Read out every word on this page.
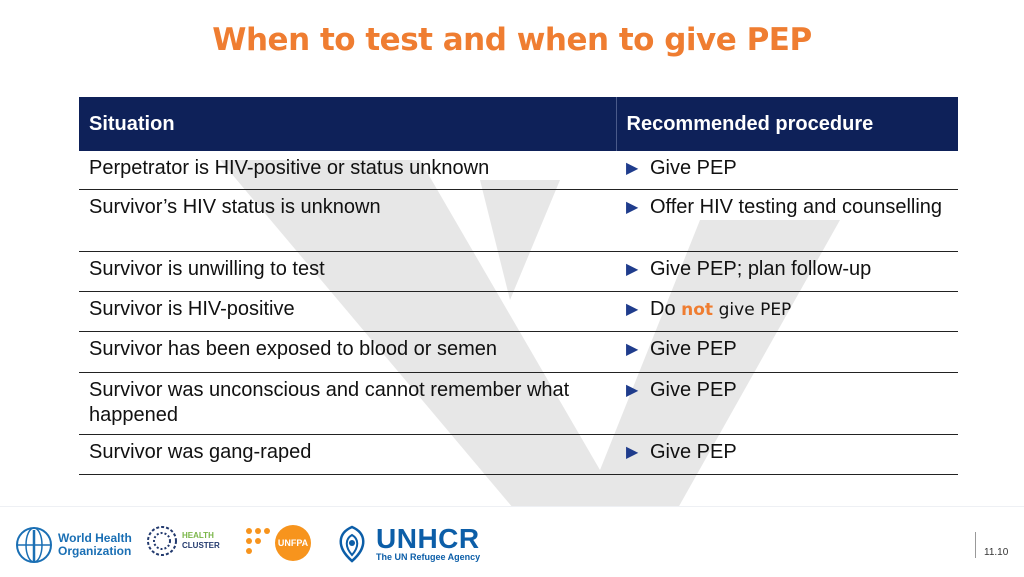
When to test and when to give PEP
Situation	Recommended procedure
Perpetrator is HIV-positive or status unknown	▶ Give PEP
Survivor’s HIV status is unknown	▶ Offer HIV testing and counselling
Survivor is unwilling to test	▶ Give PEP; plan follow-up
Survivor is HIV-positive	▶ Do not give PEP
Survivor has been exposed to blood or semen	▶ Give PEP
Survivor was unconscious and cannot remember what happened	▶ Give PEP
Survivor was gang-raped	▶ Give PEP
World Health
Organization
HEALTH
CLUSTER	UNFPA UNHCR
The UN Refugee Agency	11.10
